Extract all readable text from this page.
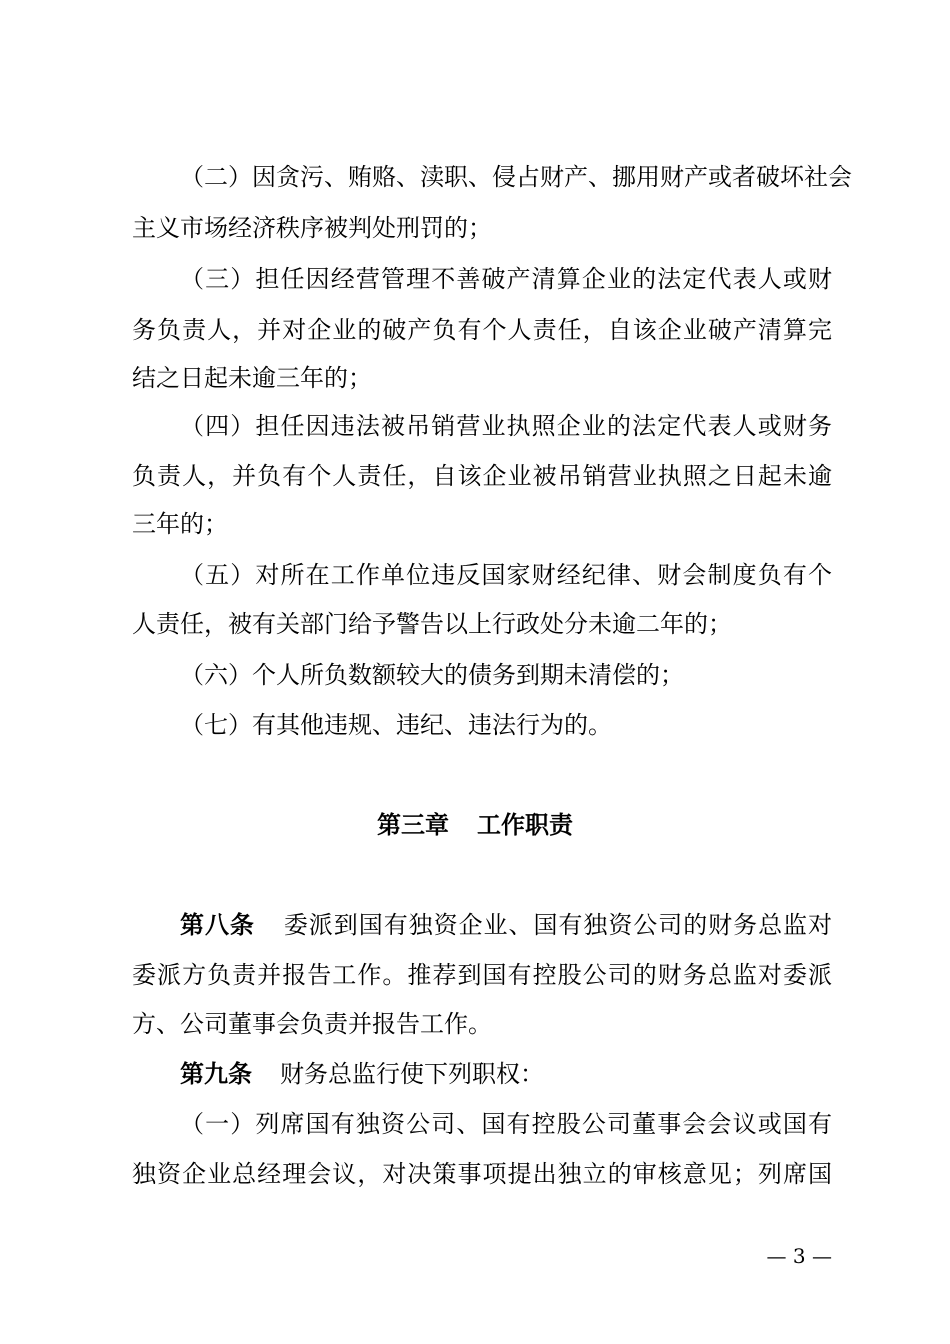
（二）因贪污、贿赂、渎职、侵占财产、挪用财产或者破坏社会
主义市场经济秩序被判处刑罚的；
（三）担任因经营管理不善破产清算企业的法定代表人或财
务负责人，并对企业的破产负有个人责任，自该企业破产清算完
结之日起未逾三年的；
（四）担任因违法被吊销营业执照企业的法定代表人或财务
负责人，并负有个人责任，自该企业被吊销营业执照之日起未逾
三年的；
（五）对所在工作单位违反国家财经纪律、财会制度负有个
人责任，被有关部门给予警告以上行政处分未逾二年的；
（六）个人所负数额较大的债务到期未清偿的；
（七）有其他违规、违纪、违法行为的。
第三章 工作职责
第八条 委派到国有独资企业、国有独资公司的财务总监对
委派方负责并报告工作。推荐到国有控股公司的财务总监对委派
方、公司董事会负责并报告工作。
第九条 财务总监行使下列职权：
（一）列席国有独资公司、国有控股公司董事会会议或国有
独资企业总经理会议，对决策事项提出独立的审核意见；列席国
— 3 —
